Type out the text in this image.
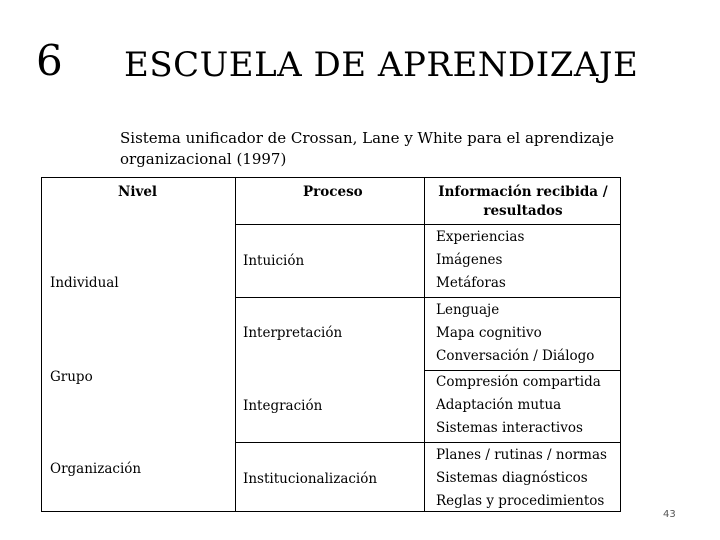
6 ESCUELA DE APRENDIZAJE
Sistema unificador de Crossan, Lane y White para el aprendizaje organizacional (1997)
Nivel	Proceso	Información recibida /
resultados
Individual
Grupo
Organización
Intuición
Interpretación
Integración
Institucionalización
Experiencias
Imágenes
Metáforas
Lenguaje
Mapa cognitivo
Conversación / Diálogo
Compresión compartida
Adaptación mutua
Sistemas interactivos
Planes / rutinas / normas
Sistemas diagnósticos
Reglas y procedimientos
43
